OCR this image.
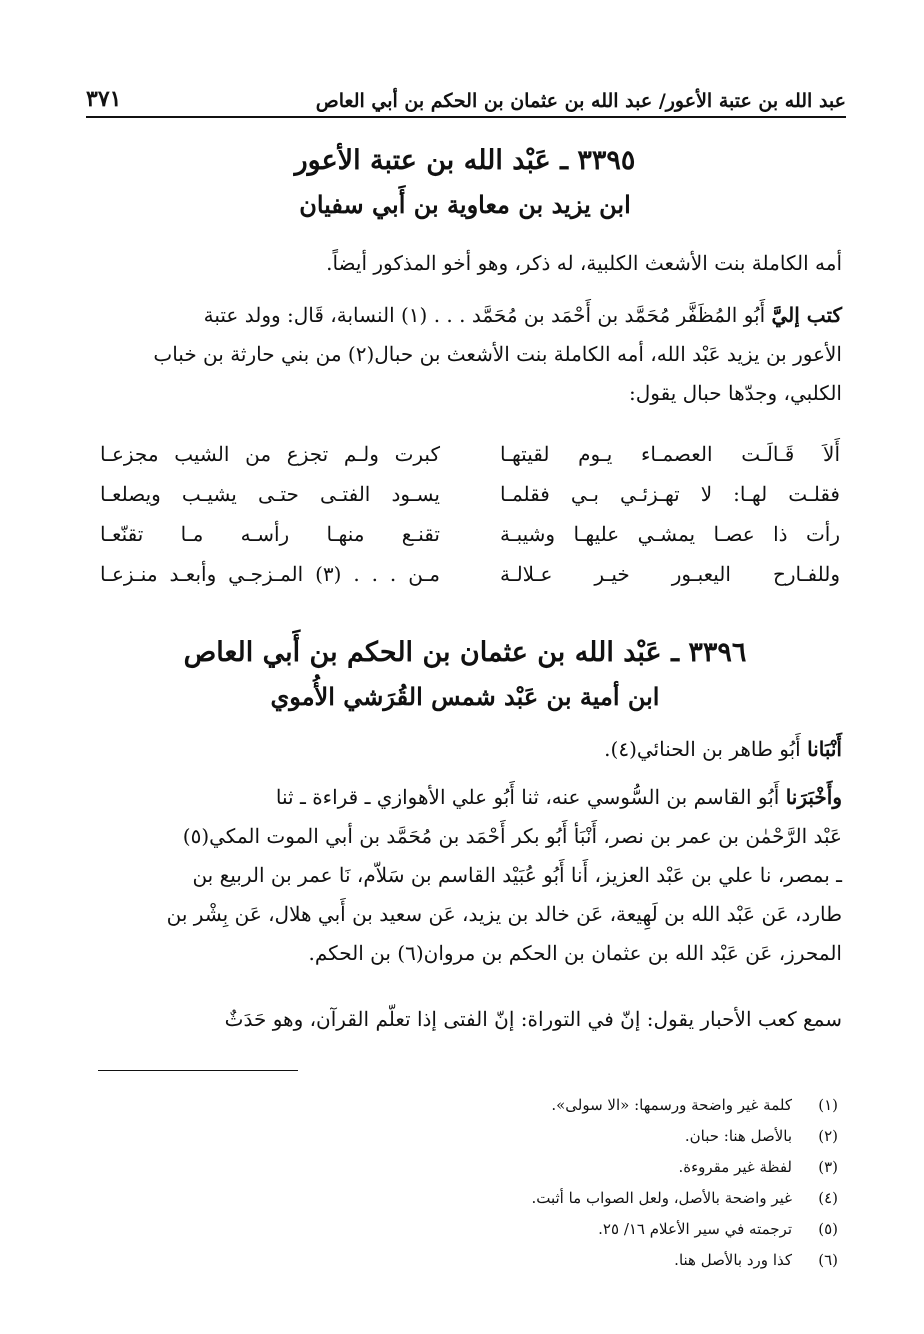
عبد الله بن عتبة الأعور/ عبد الله بن عثمان بن الحكم بن أبي العاص
٣٧١
٣٣٩٥ ـ عَبْد الله بن عتبة الأعور
ابن يزيد بن معاوية بن أَبي سفيان
أمه الكاملة بنت الأشعث الكلبية، له ذكر، وهو أخو المذكور أيضاً.
كتب إليَّ أَبُو المُظَفَّر مُحَمَّد بن أَحْمَد بن مُحَمَّد . . . (١) النسابة، قَال: وولد عتبة
الأعور بن يزيد عَبْد الله، أمه الكاملة بنت الأشعث بن حبال(٢) من بني حارثة بن خباب
الكلبي، وجدّها حبال يقول:
أَلاَ قَـالَـت العصمـاء يـوم لقيتهـا
كبرت ولـم تجزع من الشيب مجزعـا
فقلـت لهـا: لا تهـزئـي بـي فقلمـا
يسـود الفتـى حتـى يشيـب ويصلعـا
رأت ذا عصـا يمشـي عليهـا وشيبـة
تقنـع منهـا رأسـه مـا تقنّعـا
وللفـارح اليعبـور خيـر عـلالـة
مـن . . . (٣) المـزجـي وأبعـد منـزعـا
٣٣٩٦ ـ عَبْد الله بن عثمان بن الحكم بن أَبي العاص
ابن أمية بن عَبْد شمس القُرَشي الأُموي
أَنْبَانا أَبُو طاهر بن الحنائي(٤).
وأَخْبَرَنا أَبُو القاسم بن السُّوسي عنه، ثنا أَبُو علي الأهوازي ـ قراءة ـ ثنا
عَبْد الرَّحْمٰن بن عمر بن نصر، أَنْبَأ أَبُو بكر أَحْمَد بن مُحَمَّد بن أبي الموت المكي(٥)
ـ بمصر، نا علي بن عَبْد العزيز، أَنا أَبُو عُبَيْد القاسم بن سَلاّم، نَا عمر بن الربيع بن
طارد، عَن عَبْد الله بن لَهِيعة، عَن خالد بن يزيد، عَن سعيد بن أَبي هلال، عَن بِشْر بن
المحرز، عَن عَبْد الله بن عثمان بن الحكم بن مروان(٦) بن الحكم.
سمع كعب الأحبار يقول: إنّ في التوراة: إنّ الفتى إذا تعلّم القرآن، وهو حَدَثٌ
(١)
كلمة غير واضحة ورسمها: «الا سولى».
(٢)
بالأصل هنا: حبان.
(٣)
لفظة غير مقروءة.
(٤)
غير واضحة بالأصل، ولعل الصواب ما أثبت.
(٥)
ترجمته في سير الأعلام ١٦/ ٢٥.
(٦)
كذا ورد بالأصل هنا.
